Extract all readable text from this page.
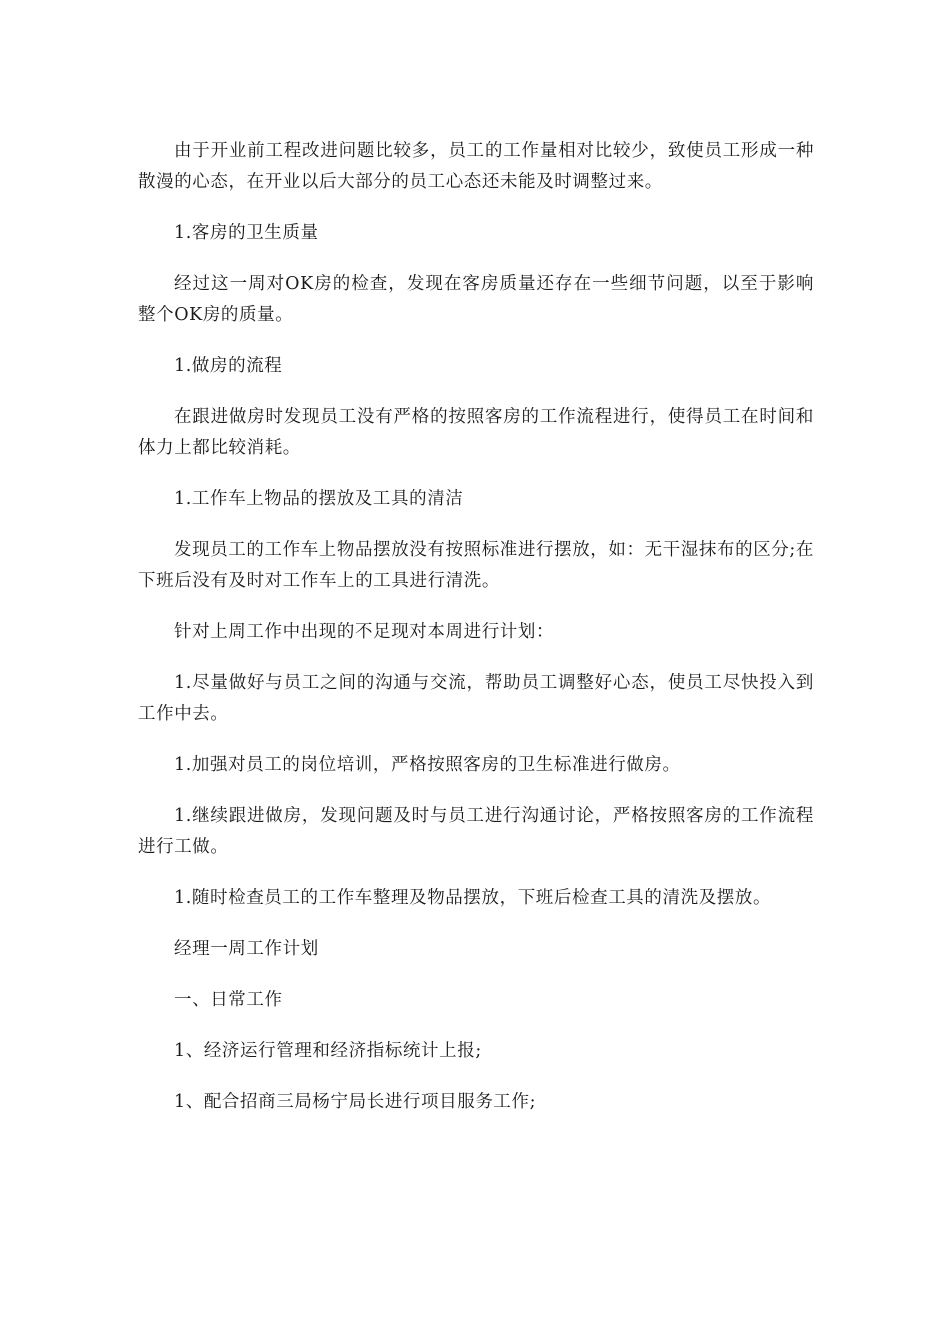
由于开业前工程改进问题比较多，员工的工作量相对比较少，致使员工形成一种散漫的心态，在开业以后大部分的员工心态还未能及时调整过来。

1.客房的卫生质量

经过这一周对OK房的检查，发现在客房质量还存在一些细节问题，以至于影响整个OK房的质量。

1.做房的流程

在跟进做房时发现员工没有严格的按照客房的工作流程进行，使得员工在时间和体力上都比较消耗。

1.工作车上物品的摆放及工具的清洁

发现员工的工作车上物品摆放没有按照标准进行摆放，如：无干湿抹布的区分;在下班后没有及时对工作车上的工具进行清洗。

针对上周工作中出现的不足现对本周进行计划：

1.尽量做好与员工之间的沟通与交流，帮助员工调整好心态，使员工尽快投入到工作中去。

1.加强对员工的岗位培训，严格按照客房的卫生标准进行做房。

1.继续跟进做房，发现问题及时与员工进行沟通讨论，严格按照客房的工作流程进行工做。

1.随时检查员工的工作车整理及物品摆放，下班后检查工具的清洗及摆放。

经理一周工作计划

一、日常工作

1、经济运行管理和经济指标统计上报;

1、配合招商三局杨宁局长进行项目服务工作;
